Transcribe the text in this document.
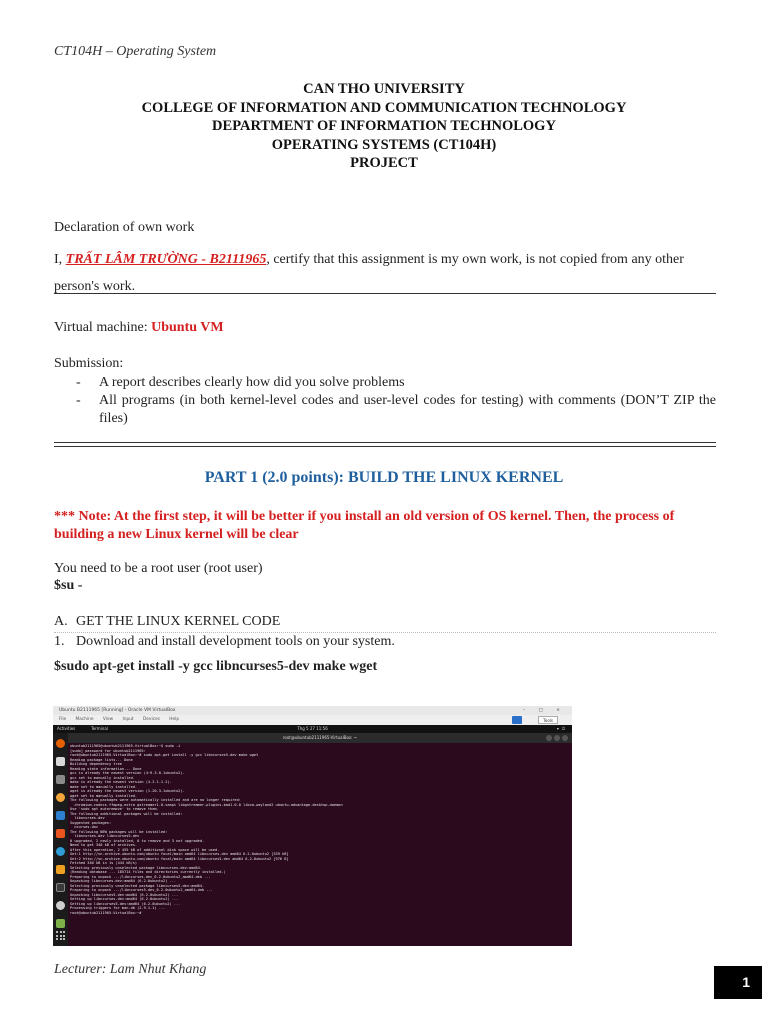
CT104H – Operating System
CAN THO UNIVERSITY
COLLEGE OF INFORMATION AND COMMUNICATION TECHNOLOGY
DEPARTMENT OF INFORMATION TECHNOLOGY
OPERATING SYSTEMS (CT104H)
PROJECT
Declaration of own work
I, TRẤT LÂM TRƯỜNG - B2111965, certify that this assignment is my own work, is not copied from any other person's work.
Virtual machine: Ubuntu VM
Submission:
- A report describes clearly how did you solve problems
- All programs (in both kernel-level codes and user-level codes for testing) with comments (DON’T ZIP the files)
PART 1 (2.0 points): BUILD THE LINUX KERNEL
*** Note: At the first step, it will be better if you install an old version of OS kernel. Then, the process of building a new Linux kernel will be clear
You need to be a root user (root user)
$su -
A. GET THE LINUX KERNEL CODE
1. Download and install development tools on your system.
$sudo apt-get install -y gcc libncurses5-dev make wget
Ubuntu B2111965 [Running] - Oracle VM VirtualBox	– □ ×
File Machine View Input Devices Help	Tools
Activities	Terminal	Thg 5 27 11:56	▾⏻
root@ubuntub2111965-VirtualBox: ~
ubuntub2111965@ubuntub2111965-VirtualBox:~$ sudo -i
[sudo] password for ubuntub2111965:
root@ubuntub2111965-VirtualBox:~# sudo apt-get install -y gcc libncurses5-dev make wget
Reading package lists... Done
Building dependency tree
Reading state information... Done
gcc is already the newest version (4:9.3.0-1ubuntu2).
gcc set to manually installed.
make is already the newest version (4.2.1-1.2).
make set to manually installed.
wget is already the newest version (1.20.3-1ubuntu2).
wget set to manually installed.
The following packages were automatically installed and are no longer required:
chromium-codecs-ffmpeg-extra gstreamer1.0-vaapi libgstreamer-plugins-bad1.0-0 libva-wayland2 ubuntu-advantage-desktop-daemon
Use 'sudo apt autoremove' to remove them.
The following additional packages will be installed:
libncurses-dev
Suggested packages:
ncurses-doc
The following NEW packages will be installed:
libncurses-dev libncurses5-dev
0 upgraded, 2 newly installed, 0 to remove and 3 not upgraded.
Need to get 340 kB of archives.
After this operation, 2 455 kB of additional disk space will be used.
Get:1 http://vn.archive.ubuntu.com/ubuntu focal/main amd64 libncurses-dev amd64 6.2-0ubuntu2 [339 kB]
Get:2 http://vn.archive.ubuntu.com/ubuntu focal/main amd64 libncurses5-dev amd64 6.2-0ubuntu2 [976 B]
Fetched 340 kB in 1s (444 kB/s)
Selecting previously unselected package libncurses-dev:amd64.
(Reading database ... 185714 files and directories currently installed.)
Preparing to unpack .../libncurses-dev_6.2-0ubuntu2_amd64.deb ...
Unpacking libncurses-dev:amd64 (6.2-0ubuntu2) ...
Selecting previously unselected package libncurses5-dev:amd64.
Preparing to unpack .../libncurses5-dev_6.2-0ubuntu2_amd64.deb ...
Unpacking libncurses5-dev:amd64 (6.2-0ubuntu2) ...
Setting up libncurses-dev:amd64 (6.2-0ubuntu2) ...
Setting up libncurses5-dev:amd64 (6.2-0ubuntu2) ...
Processing triggers for man-db (2.9.1-1) ...
root@ubuntub2111965-VirtualBox:~#
Lecturer: Lam Nhut Khang
1
